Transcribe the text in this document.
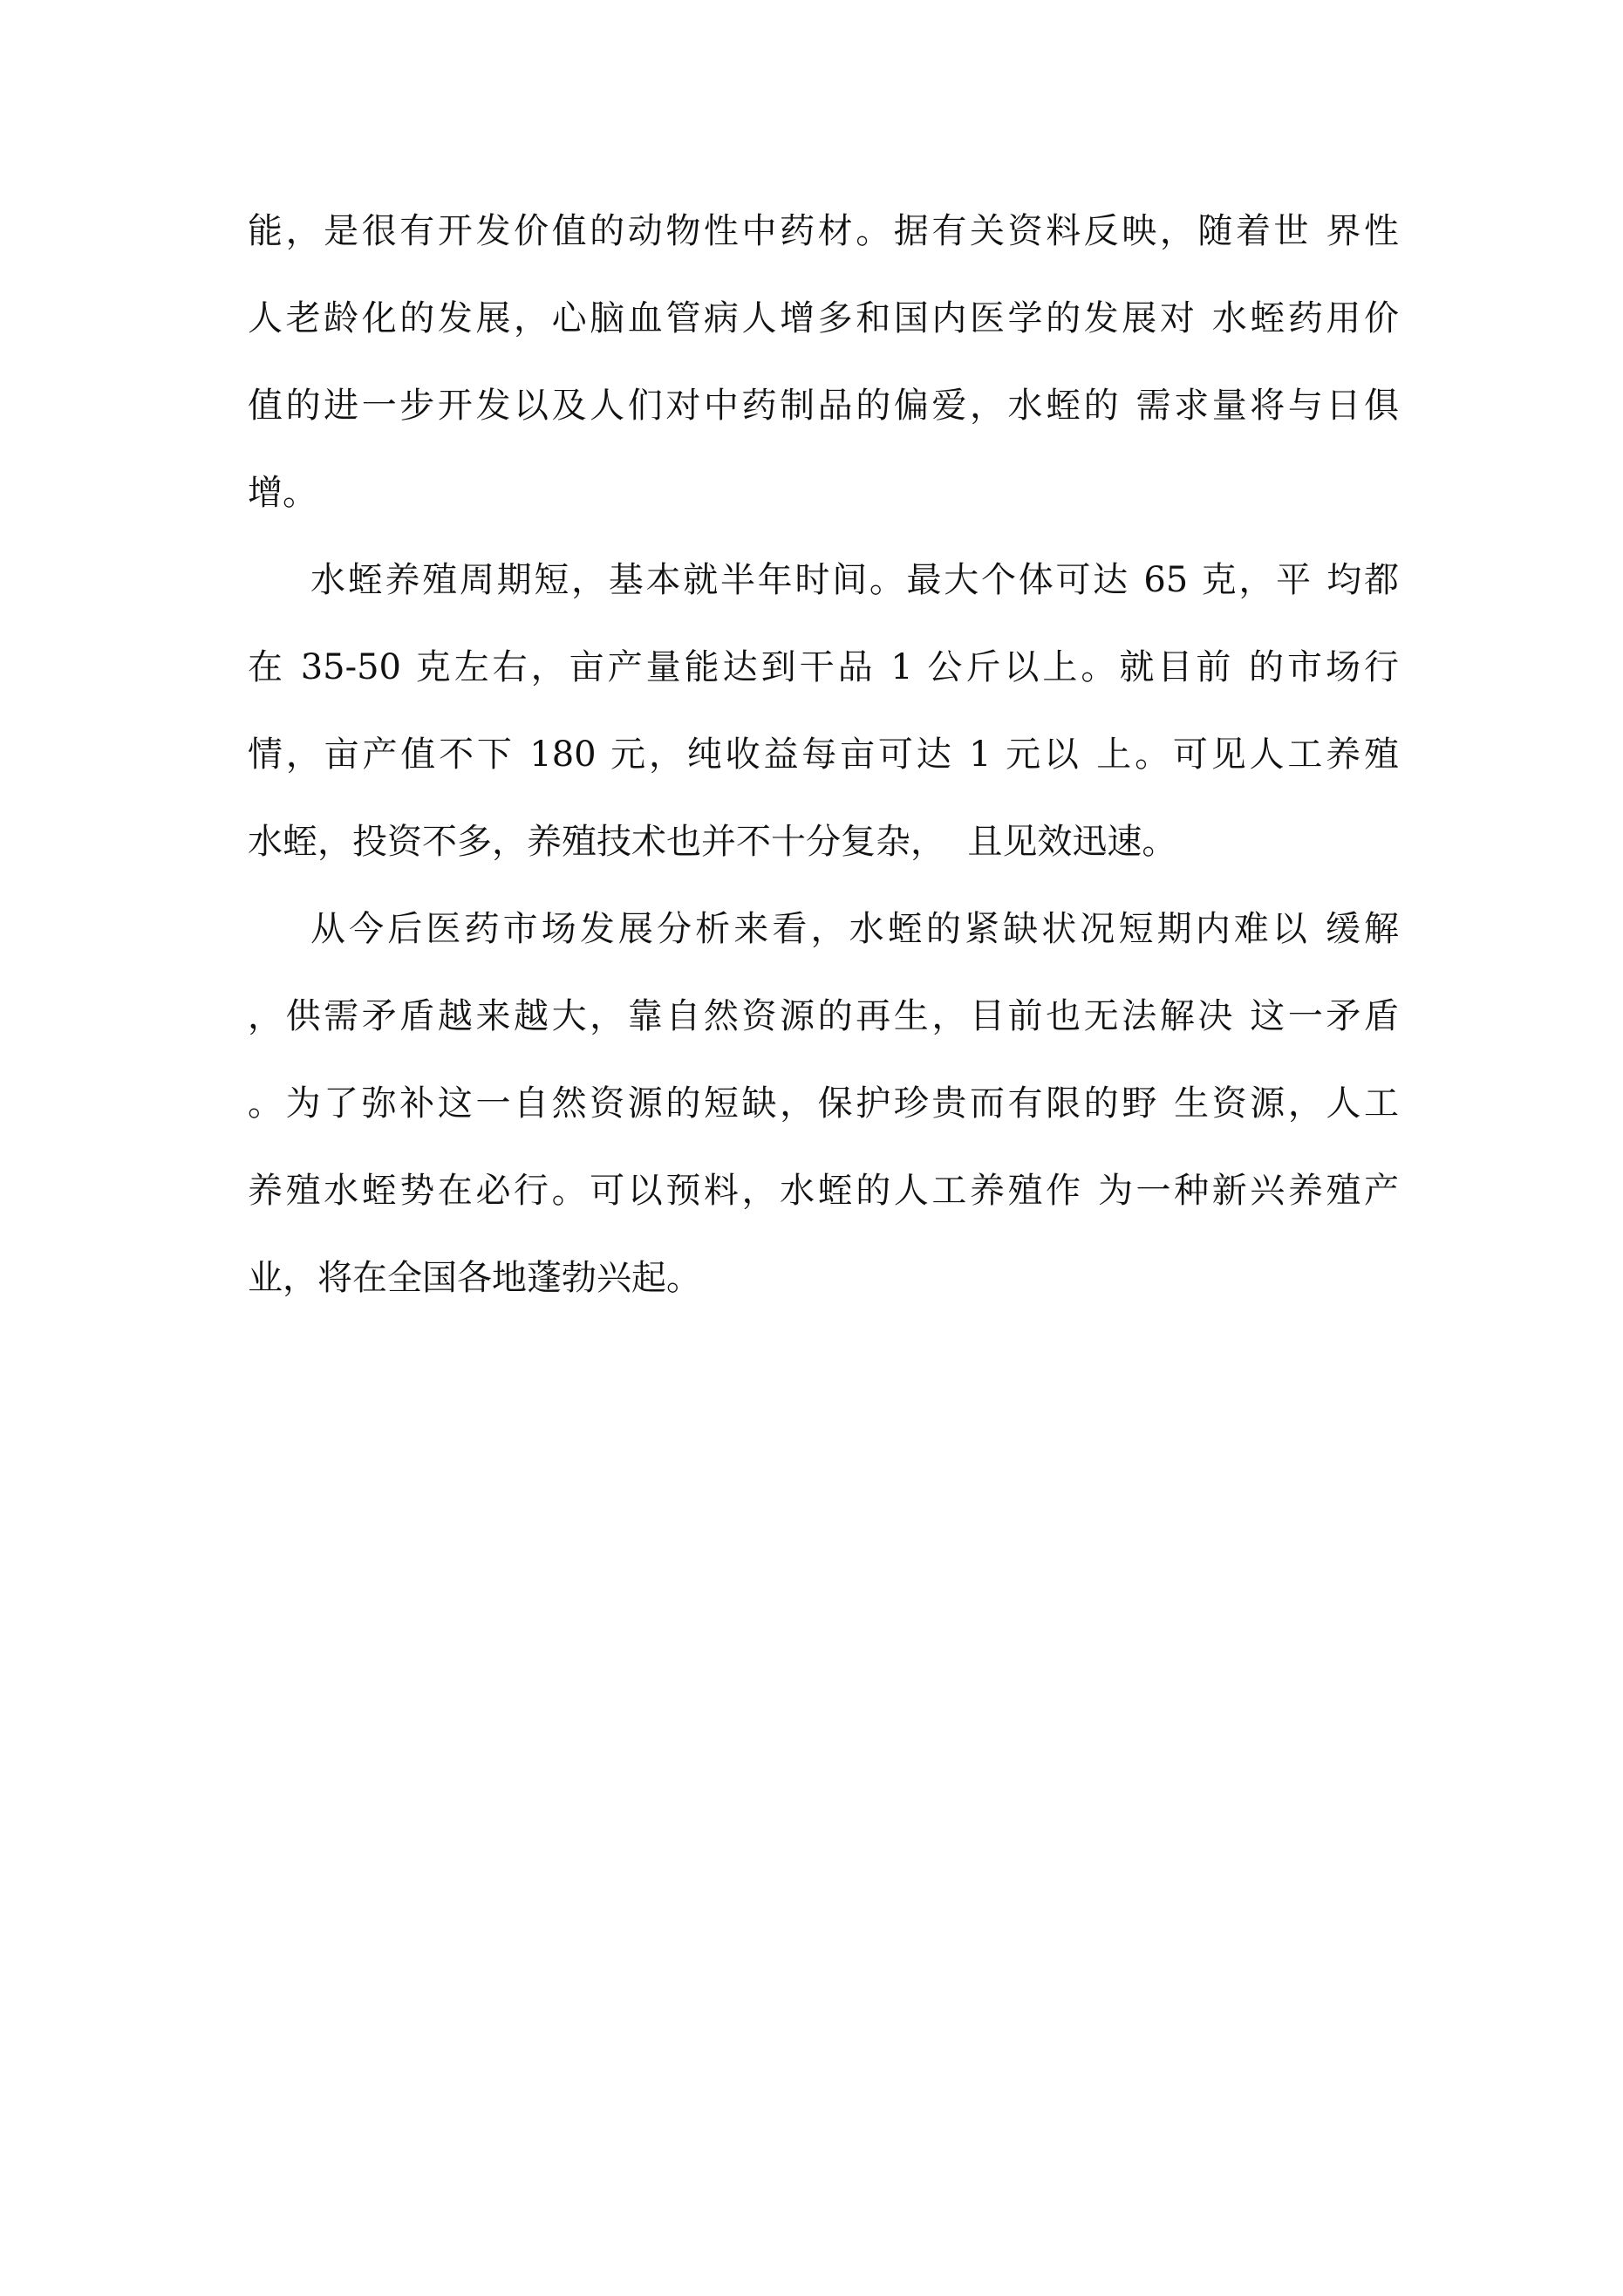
能，是很有开发价值的动物性中药材。据有关资料反映，随着世 界性
人老龄化的发展，心脑血管病人增多和国内医学的发展对 水蛭药用价
值的进一步开发以及人们对中药制品的偏爱，水蛭的 需求量将与日俱
增。
水蛭养殖周期短，基本就半年时间。最大个体可达 65 克，平 均都
在 35-50 克左右，亩产量能达到干品 1 公斤以上。就目前 的市场行
情，亩产值不下 180 元，纯收益每亩可达 1 元以 上。可见人工养殖
水蛭，投资不多，养殖技术也并不十分复杂，  且见效迅速。
从今后医药市场发展分析来看，水蛭的紧缺状况短期内难以 缓解
，供需矛盾越来越大，靠自然资源的再生，目前也无法解决 这一矛盾
。为了弥补这一自然资源的短缺，保护珍贵而有限的野 生资源，人工
养殖水蛭势在必行。可以预料，水蛭的人工养殖作 为一种新兴养殖产
业，将在全国各地蓬勃兴起。
